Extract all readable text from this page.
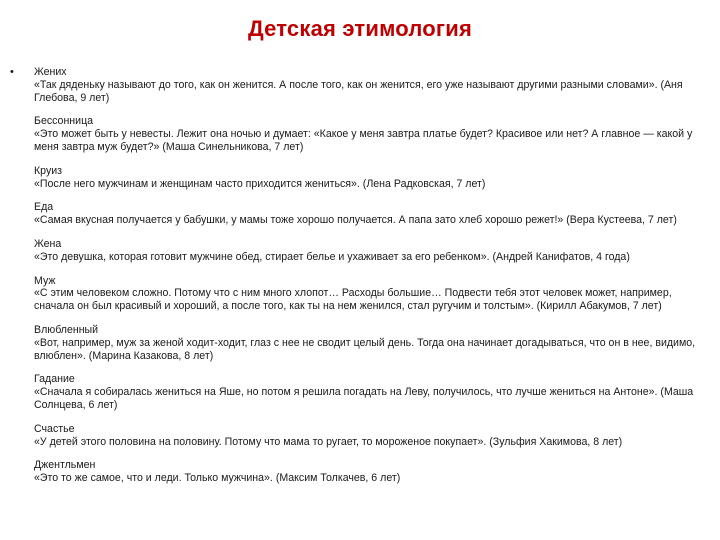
Детская этимология
• Жених
«Так дяденьку называют до того, как он женится. А после того, как он женится, его уже называют другими разными словами». (Аня Глебова, 9 лет)
Бессонница
«Это может быть у невесты. Лежит она ночью и думает: «Какое у меня завтра платье будет? Красивое или нет? А главное — какой у меня завтра муж будет?» (Маша Синельникова, 7 лет)
Круиз
«После него мужчинам и женщинам часто приходится жениться». (Лена Радковская, 7 лет)
Еда
«Самая вкусная получается у бабушки, у мамы тоже хорошо получается. А папа зато хлеб хорошо режет!» (Вера Кустеева, 7 лет)
Жена
«Это девушка, которая готовит мужчине обед, стирает белье и ухаживает за его ребенком». (Андрей Канифатов, 4 года)
Муж
«С этим человеком сложно. Потому что с ним много хлопот… Расходы большие… Подвести тебя этот человек может, например, сначала он был красивый и хороший, а после того, как ты на нем женился, стал ругучим и толстым». (Кирилл Абакумов, 7 лет)
Влюбленный
«Вот, например, муж за женой ходит-ходит, глаз с нее не сводит целый день. Тогда она начинает догадываться, что он в нее, видимо, влюблен». (Марина Казакова, 8 лет)
Гадание
«Сначала я собиралась жениться на Яше, но потом я решила погадать на Леву, получилось, что лучше жениться на Антоне». (Маша Солнцева, 6 лет)
Счастье
«У детей этого половина на половину. Потому что мама то ругает, то мороженое покупает». (Зульфия Хакимова, 8 лет)
Джентльмен
«Это то же самое, что и леди. Только мужчина». (Максим Толкачев, 6 лет)
